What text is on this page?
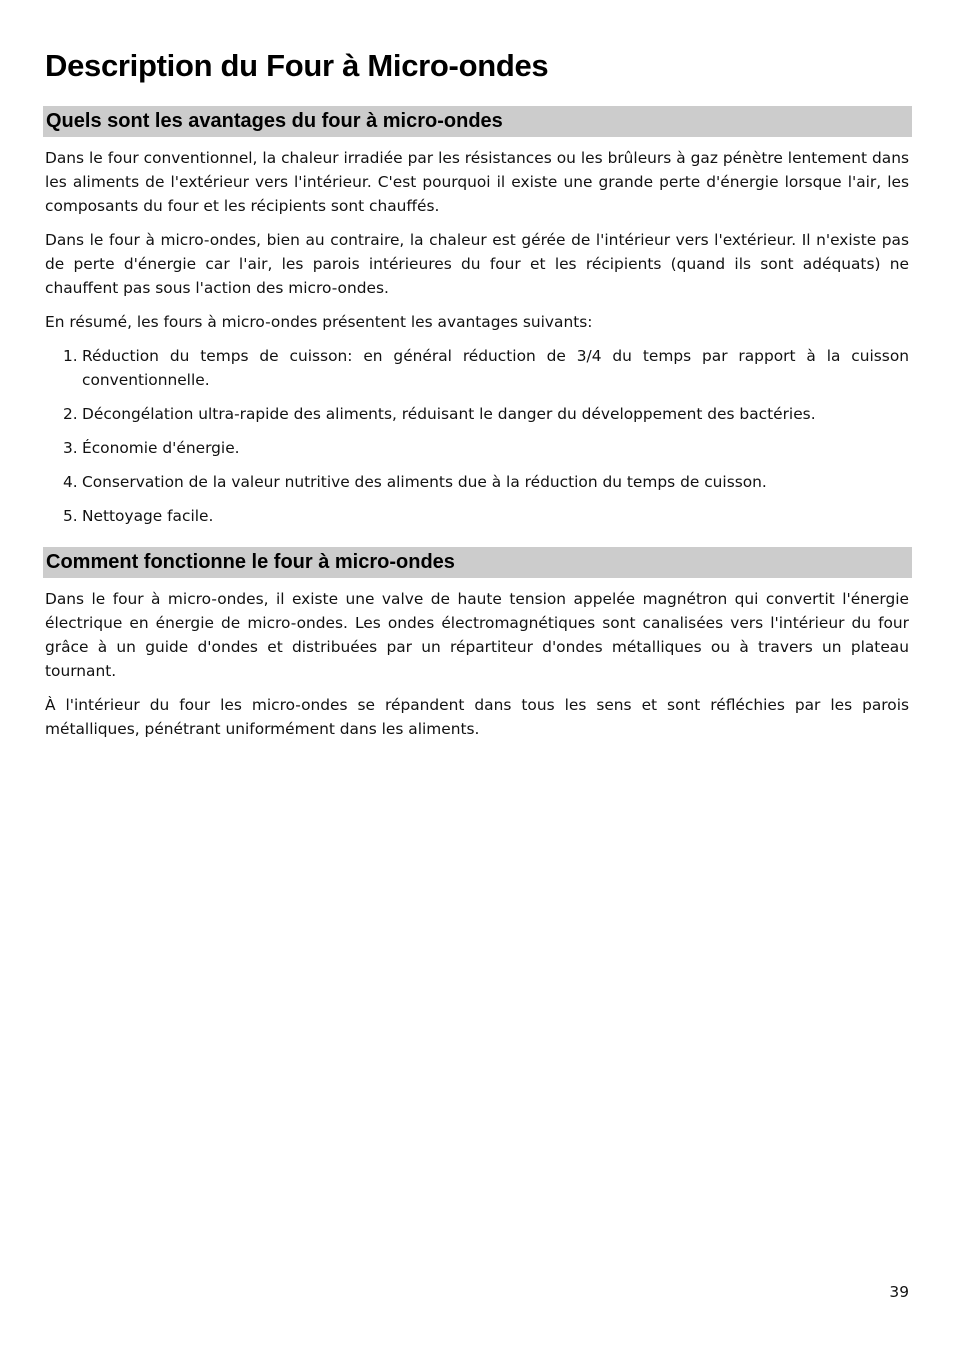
Description du Four à Micro-ondes
Quels sont les avantages du four à micro-ondes

Dans le four conventionnel, la chaleur irradiée par les résistances ou les brûleurs à gaz pénètre lentement dans les aliments de l'extérieur vers l'intérieur. C'est pourquoi il existe une grande perte d'énergie lorsque l'air, les composants du four et les récipients sont chauffés.

Dans le four à micro-ondes, bien au contraire, la chaleur est gérée de l'intérieur vers l'extérieur. Il n'existe pas de perte d'énergie car l'air, les parois intérieures du four et les récipients (quand ils sont adéquats) ne chauffent pas sous l'action des micro-ondes.

En résumé, les fours à micro-ondes présentent les avantages suivants:

1. Réduction du temps de cuisson: en général réduction de 3/4 du temps par rapport à la cuisson conventionnelle.
2. Décongélation ultra-rapide des aliments, réduisant le danger du développement des bactéries.
3. Économie d'énergie.
4. Conservation de la valeur nutritive des aliments due à la réduction du temps de cuisson.
5. Nettoyage facile.
Comment fonctionne le four à micro-ondes

Dans le four à micro-ondes, il existe une valve de haute tension appelée magnétron qui convertit l'énergie électrique en énergie de micro-ondes. Les ondes électromagnétiques sont canalisées vers l'intérieur du four grâce à un guide d'ondes et distribuées par un répartiteur d'ondes métalliques ou à travers un plateau tournant.

À l'intérieur du four les micro-ondes se répandent dans tous les sens et sont réfléchies par les parois métalliques, pénétrant uniformément dans les aliments.

39
